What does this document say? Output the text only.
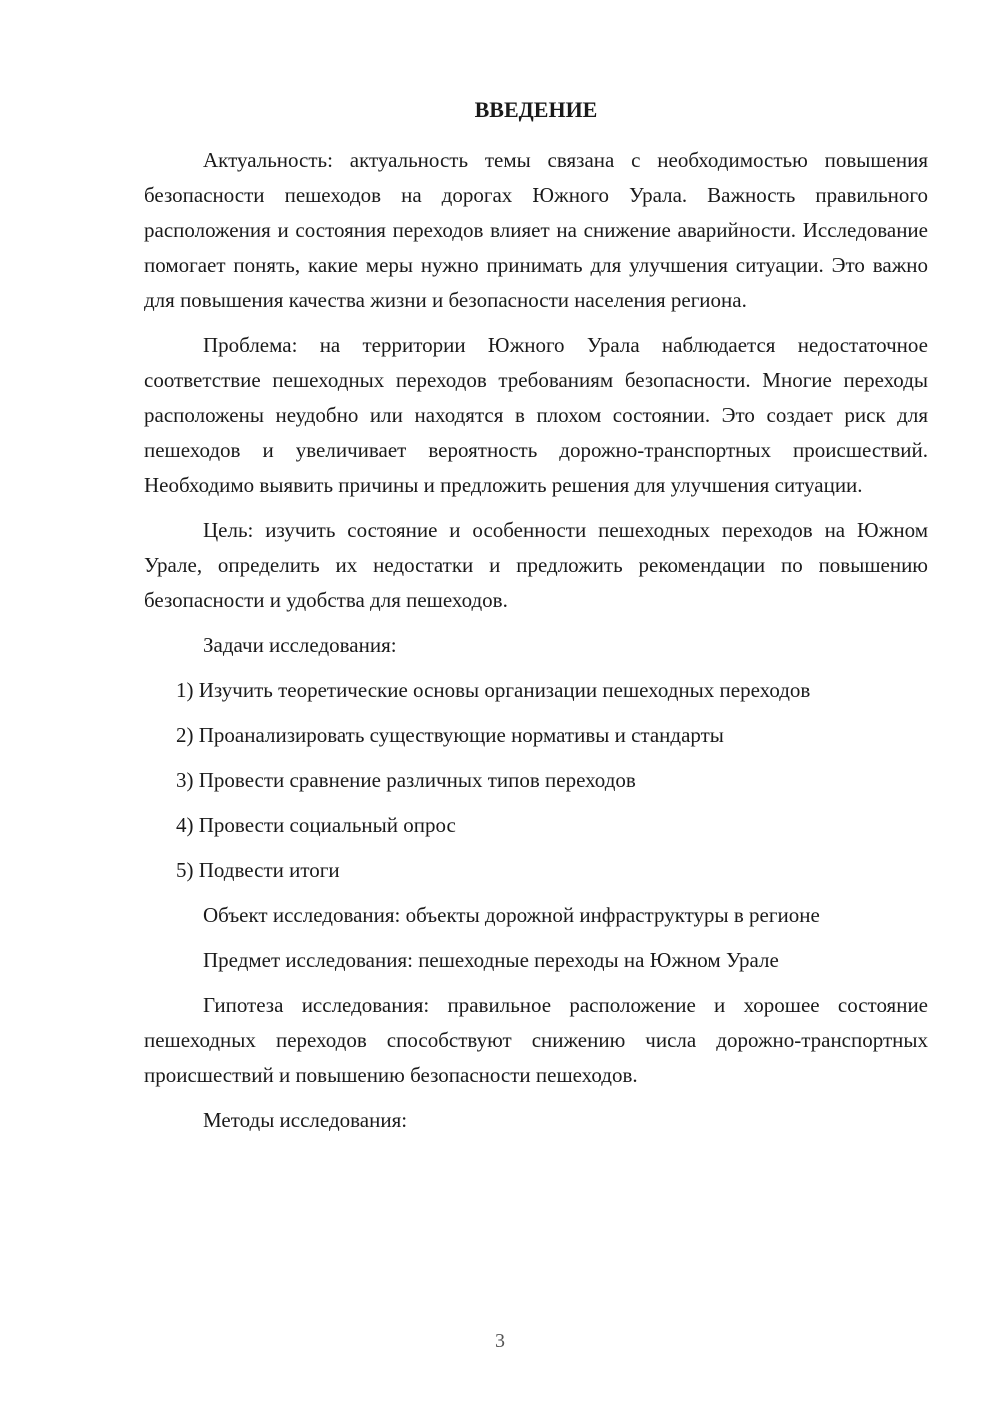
ВВЕДЕНИЕ

Актуальность: актуальность темы связана с необходимостью повышения безопасности пешеходов на дорогах Южного Урала. Важность правильного расположения и состояния переходов влияет на снижение аварийности. Исследование помогает понять, какие меры нужно принимать для улучшения ситуации. Это важно для повышения качества жизни и безопасности населения региона.

Проблема: на территории Южного Урала наблюдается недостаточное соответствие пешеходных переходов требованиям безопасности. Многие переходы расположены неудобно или находятся в плохом состоянии. Это создает риск для пешеходов и увеличивает вероятность дорожно-транспортных происшествий. Необходимо выявить причины и предложить решения для улучшения ситуации.

Цель: изучить состояние и особенности пешеходных переходов на Южном Урале, определить их недостатки и предложить рекомендации по повышению безопасности и удобства для пешеходов.

Задачи исследования:

1) Изучить теоретические основы организации пешеходных переходов

2) Проанализировать существующие нормативы и стандарты

3) Провести сравнение различных типов переходов

4) Провести социальный опрос

5) Подвести итоги

Объект исследования: объекты дорожной инфраструктуры в регионе

Предмет исследования: пешеходные переходы на Южном Урале

Гипотеза исследования: правильное расположение и хорошее состояние пешеходных переходов способствуют снижению числа дорожно-транспортных происшествий и повышению безопасности пешеходов.

Методы исследования:

3
